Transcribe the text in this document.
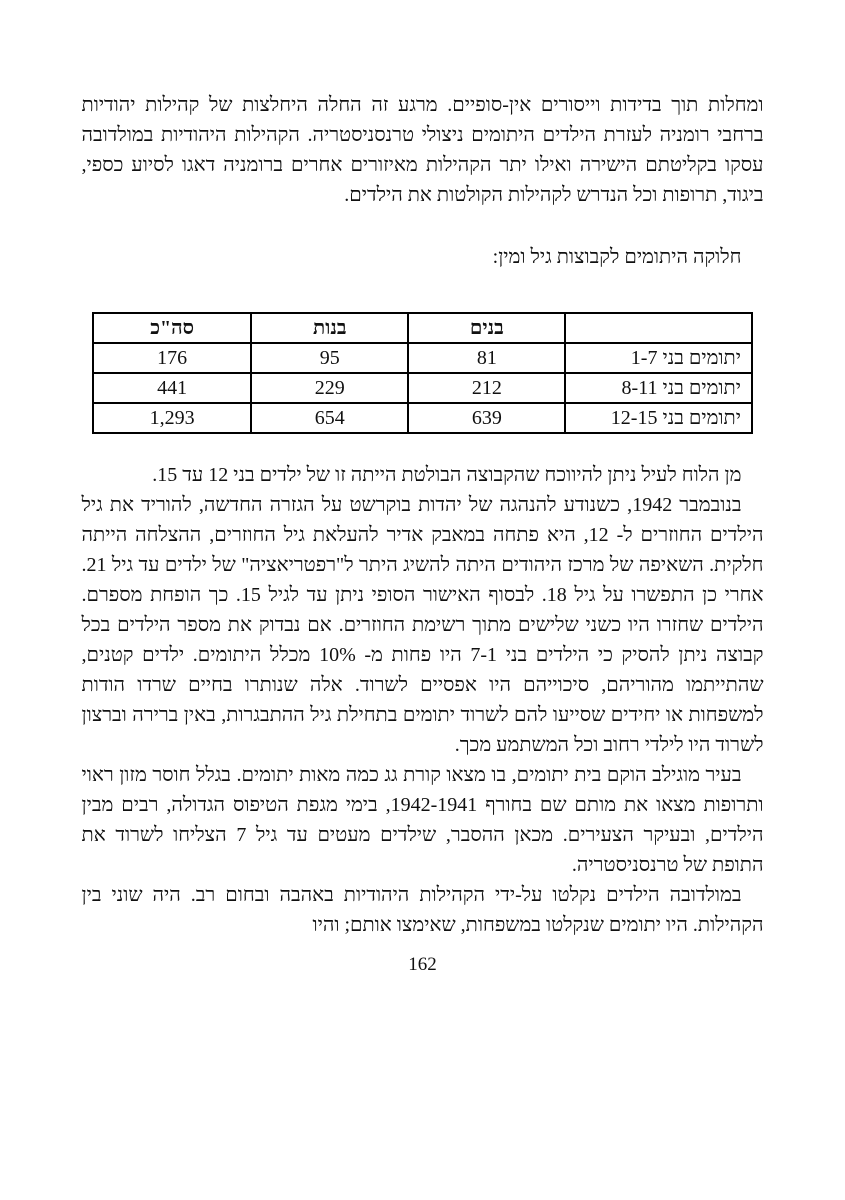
ומחלות תוך בדידות וייסורים אין-סופיים. מרגע זה החלה היחלצות של קהילות יהודיות ברחבי רומניה לעזרת הילדים היתומים ניצולי טרנסניסטריה. הקהילות היהודיות במולדובה עסקו בקליטתם הישירה ואילו יתר הקהילות מאיזורים אחרים ברומניה דאגו לסיוע כספי, ביגוד, תרופות וכל הנדרש לקהילות הקולטות את הילדים.

חלוקה היתומים לקבוצות גיל ומין:

	בנים	בנות	סה"כ
יתומים בני 1-7	81	95	176
יתומים בני 8-11	212	229	441
יתומים בני 12-15	639	654	1,293

מן הלוח לעיל ניתן להיווכח שהקבוצה הבולטת הייתה זו של ילדים בני 12 עד 15.

בנובמבר 1942, כשנודע להנהגה של יהדות בוקרשט על הגזרה החדשה, להוריד את גיל הילדים החוזרים ל- 12, היא פתחה במאבק אדיר להעלאת גיל החוזרים, ההצלחה הייתה חלקית. השאיפה של מרכז היהודים היתה להשיג היתר ל"רפטריאציה" של ילדים עד גיל 21. אחרי כן התפשרו על גיל 18. לבסוף האישור הסופי ניתן עד לגיל 15. כך הופחת מספרם. הילדים שחזרו היו כשני שלישים מתוך רשימת החוזרים. אם נבדוק את מספר הילדים בכל קבוצה ניתן להסיק כי הילדים בני 7-1 היו פחות מ- 10% מכלל היתומים. ילדים קטנים, שהתייתמו מהוריהם, סיכוייהם היו אפסיים לשרוד. אלה שנותרו בחיים שרדו הודות למשפחות או יחידים שסייעו להם לשרוד יתומים בתחילת גיל ההתבגרות, באין ברירה וברצון לשרוד היו לילדי רחוב וכל המשתמע מכך.

בעיר מוגילב הוקם בית יתומים, בו מצאו קורת גג כמה מאות יתומים. בגלל חוסר מזון ראוי ותרופות מצאו את מותם שם בחורף 1942-1941, בימי מגפת הטיפוס הגדולה, רבים מבין הילדים, ובעיקר הצעירים. מכאן ההסבר, שילדים מעטים עד גיל 7 הצליחו לשרוד את התופת של טרנסניסטריה.

במולדובה הילדים נקלטו על-ידי הקהילות היהודיות באהבה ובחום רב. היה שוני בין הקהילות. היו יתומים שנקלטו במשפחות, שאימצו אותם; והיו

162
